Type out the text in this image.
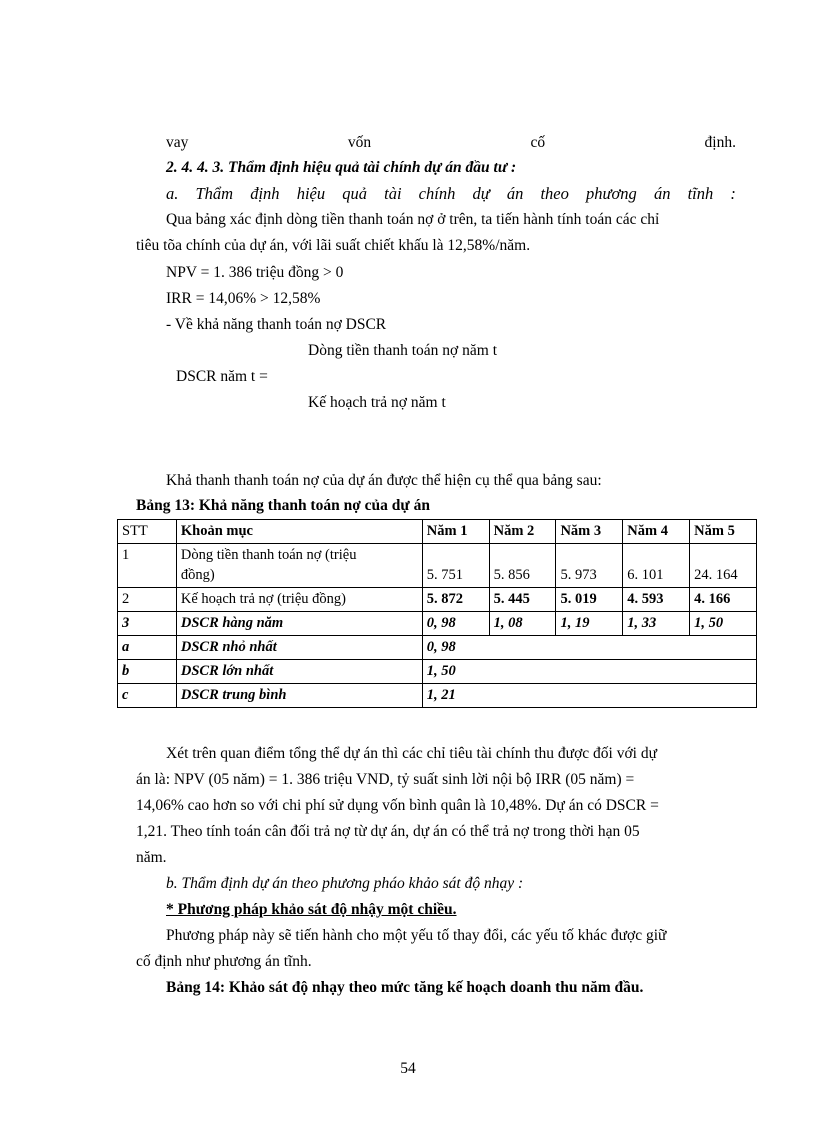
vay	vốn	cố	định.
2. 4. 4. 3. Thẩm định hiệu quả tài chính dự án đầu tư :
a. Thẩm định hiệu quả tài chính dự án theo phương án tĩnh :
Qua bảng xác định dòng tiền thanh toán nợ ở trên, ta tiến hành tính toán các chỉ
tiêu tõa chính của dự án, với lãi suất chiết khấu là 12,58%/năm.
NPV = 1. 386 triệu đồng > 0
IRR = 14,06% > 12,58%
- Về khả năng thanh toán nợ DSCR
Dòng tiền thanh toán nợ năm t
DSCR năm t =
Kế hoạch trả nợ năm t
Khả thanh thanh toán nợ của dự án được thể hiện cụ thể qua bảng sau:
Bảng 13: Khả năng thanh toán nợ của dự án
STT	Khoản mục	Năm 1	Năm 2	Năm 3	Năm 4	Năm 5
1	Dòng tiền thanh toán nợ (triệu
đồng)	5. 751	5. 856	5. 973	6. 101	24. 164
2	Kế hoạch trả nợ (triệu đồng)	5. 872	5. 445	5. 019	4. 593	4. 166
3	DSCR hàng năm	0, 98	1, 08	1, 19	1, 33	1, 50
a	DSCR nhỏ nhất	0, 98				
b	DSCR lớn nhất	1, 50				
c	DSCR trung bình	1, 21				
Xét trên quan điểm tổng thể dự án thì các chỉ tiêu tài chính thu được đối với dự
án là: NPV (05 năm) = 1. 386 triệu VND, tỷ suất sinh lời nội bộ IRR (05 năm) =
14,06% cao hơn so với chi phí sử dụng vốn bình quân là 10,48%. Dự án có DSCR =
1,21. Theo tính toán cân đối trả nợ từ dự án, dự án có thể trả nợ trong thời hạn 05
năm.
b. Thẩm định dự án theo phương pháo khảo sát độ nhạy :
* Phương pháp khảo sát độ nhậy một chiều.
Phương pháp này sẽ tiến hành cho một yếu tố thay đổi, các yếu tố khác được giữ
cố định như phương án tĩnh.
Bảng 14: Khảo sát độ nhạy theo mức tăng kế hoạch doanh thu năm đầu.
54
